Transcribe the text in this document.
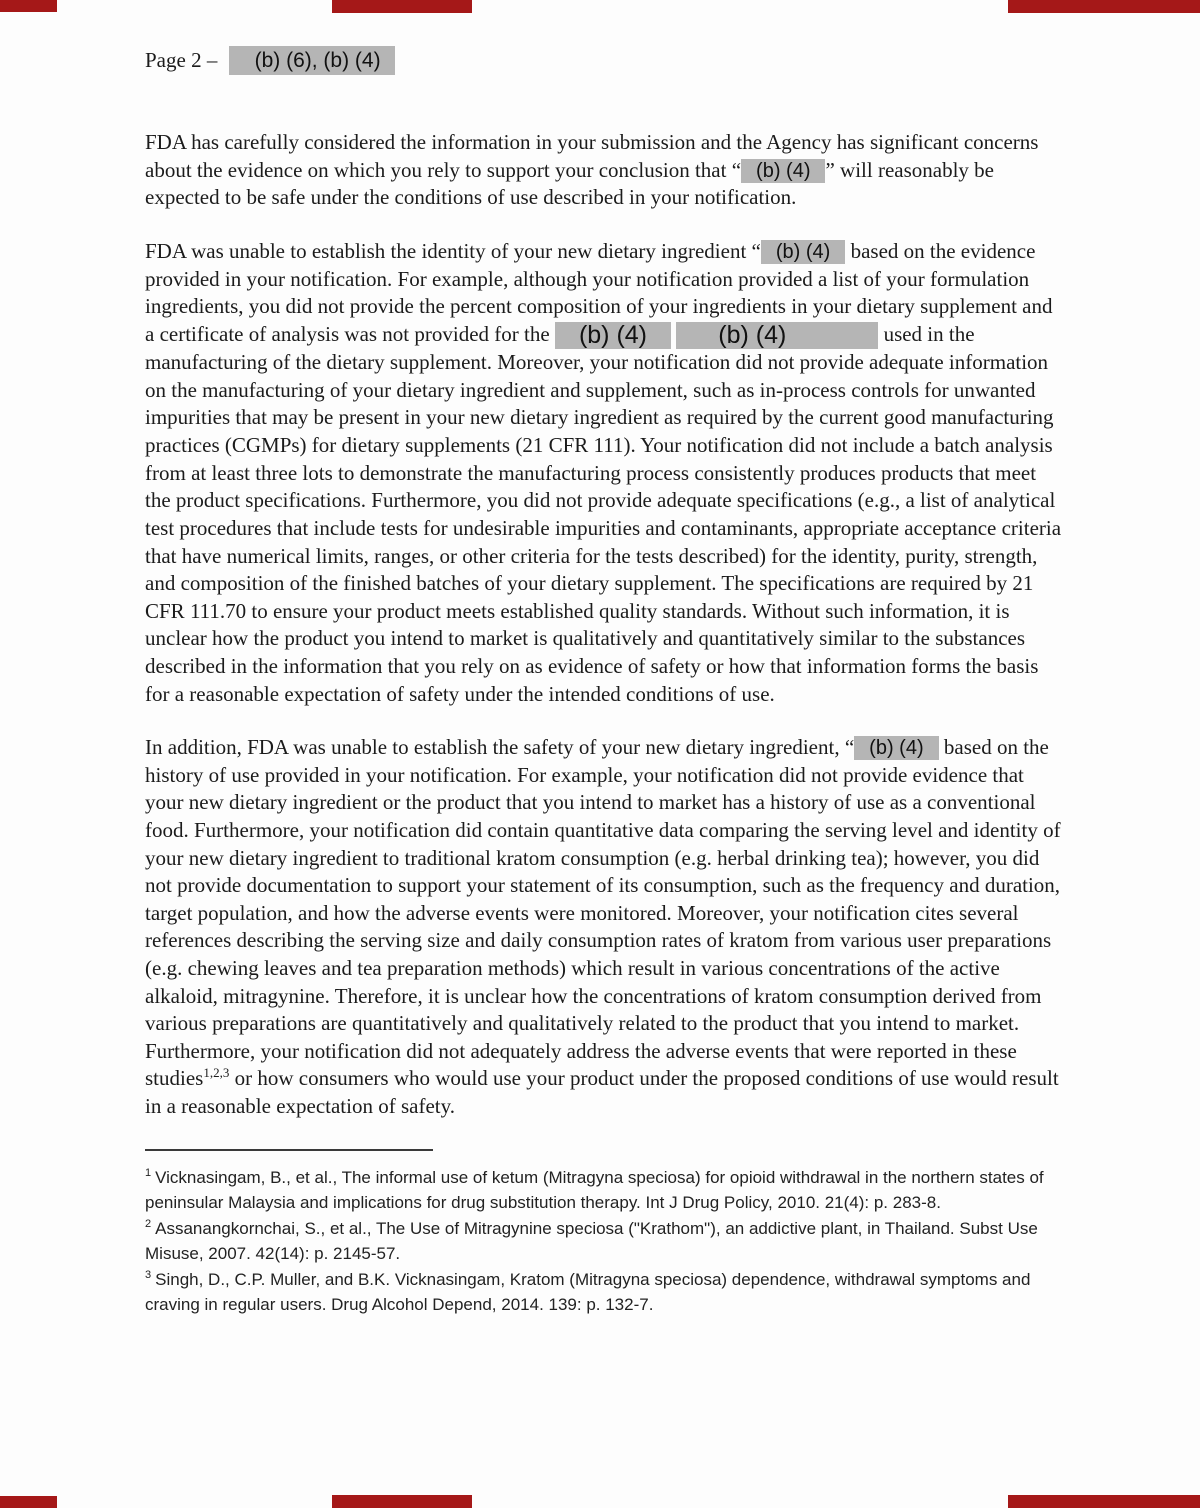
Page 2 – (b) (6), (b) (4)

FDA has carefully considered the information in your submission and the Agency has significant concerns about the evidence on which you rely to support your conclusion that “ (b) (4) ” will reasonably be expected to be safe under the conditions of use described in your notification.

FDA was unable to establish the identity of your new dietary ingredient “ (b) (4) based on the evidence provided in your notification. For example, although your notification provided a list of your formulation ingredients, you did not provide the percent composition of your ingredients in your dietary supplement and a certificate of analysis was not provided for the (b) (4)	(b) (4)	used in the manufacturing of the dietary supplement. Moreover, your notification did not provide adequate information on the manufacturing of your dietary ingredient and supplement, such as in-process controls for unwanted impurities that may be present in your new dietary ingredient as required by the current good manufacturing practices (CGMPs) for dietary supplements (21 CFR 111). Your notification did not include a batch analysis from at least three lots to demonstrate the manufacturing process consistently produces products that meet the product specifications. Furthermore, you did not provide adequate specifications (e.g., a list of analytical test procedures that include tests for undesirable impurities and contaminants, appropriate acceptance criteria that have numerical limits, ranges, or other criteria for the tests described) for the identity, purity, strength, and composition of the finished batches of your dietary supplement. The specifications are required by 21 CFR 111.70 to ensure your product meets established quality standards. Without such information, it is unclear how the product you intend to market is qualitatively and quantitatively similar to the substances described in the information that you rely on as evidence of safety or how that information forms the basis for a reasonable expectation of safety under the intended conditions of use.

In addition, FDA was unable to establish the safety of your new dietary ingredient, “ (b) (4) based on the history of use provided in your notification. For example, your notification did not provide evidence that your new dietary ingredient or the product that you intend to market has a history of use as a conventional food. Furthermore, your notification did contain quantitative data comparing the serving level and identity of your new dietary ingredient to traditional kratom consumption (e.g. herbal drinking tea); however, you did not provide documentation to support your statement of its consumption, such as the frequency and duration, target population, and how the adverse events were monitored. Moreover, your notification cites several references describing the serving size and daily consumption rates of kratom from various user preparations (e.g. chewing leaves and tea preparation methods) which result in various concentrations of the active alkaloid, mitragynine. Therefore, it is unclear how the concentrations of kratom consumption derived from various preparations are quantitatively and qualitatively related to the product that you intend to market. Furthermore, your notification did not adequately address the adverse events that were reported in these studies$^{1,2,3}$ or how consumers who would use your product under the proposed conditions of use would result in a reasonable expectation of safety.

$^1$ Vicknasingam, B., et al., The informal use of ketum (Mitragyna speciosa) for opioid withdrawal in the northern states of peninsular Malaysia and implications for drug substitution therapy. Int J Drug Policy, 2010. 21(4): p. 283-8.

$^2$ Assanangkornchai, S., et al., The Use of Mitragynine speciosa ("Krathom"), an addictive plant, in Thailand. Subst Use Misuse, 2007. 42(14): p. 2145-57.

$^3$ Singh, D., C.P. Muller, and B.K. Vicknasingam, Kratom (Mitragyna speciosa) dependence, withdrawal symptoms and craving in regular users. Drug Alcohol Depend, 2014. 139: p. 132-7.
